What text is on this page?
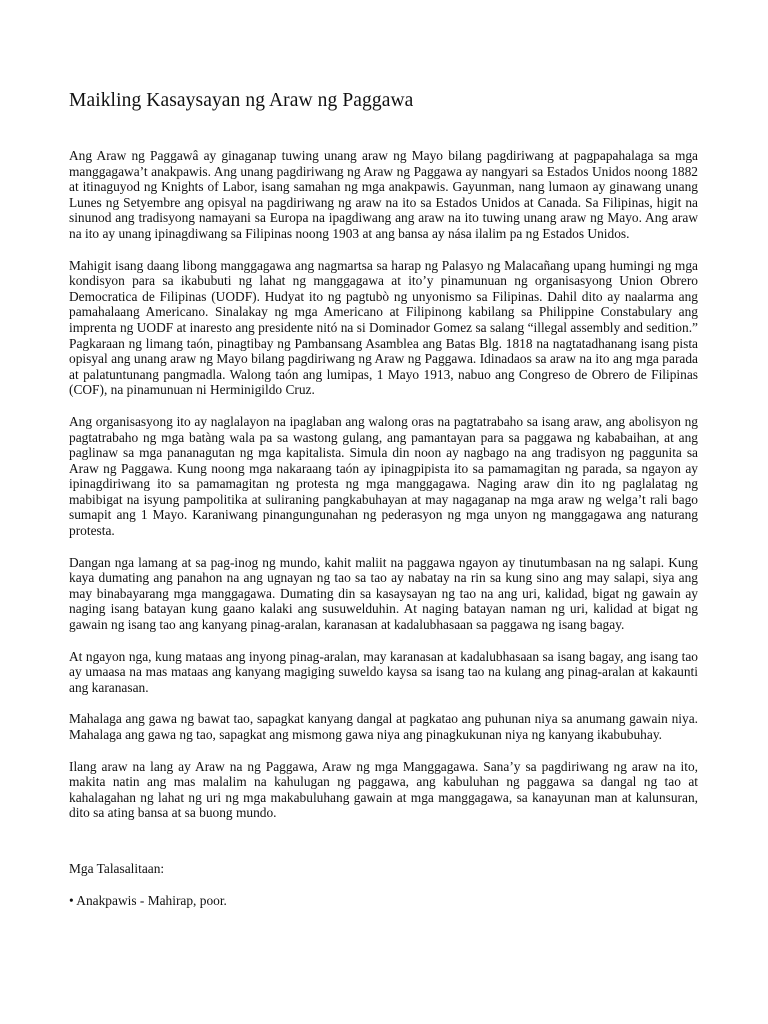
Maikling Kasaysayan ng Araw ng Paggawa

Ang Araw ng Paggawâ ay ginaganap tuwing unang araw ng Mayo bilang pagdiriwang at pagpapahalaga sa mga manggagawa’t anakpawis. Ang unang pagdiriwang ng Araw ng Paggawa ay nangyari sa Estados Unidos noong 1882 at itinaguyod ng Knights of Labor, isang samahan ng mga anakpawis. Gayunman, nang lumaon ay ginawang unang Lunes ng Setyembre ang opisyal na pagdiriwang ng araw na ito sa Estados Unidos at Canada. Sa Filipinas, higit na sinunod ang tradisyong namayani sa Europa na ipagdiwang ang araw na ito tuwing unang araw ng Mayo. Ang araw na ito ay unang ipinagdiwang sa Filipinas noong 1903 at ang bansa ay nása ilalim pa ng Estados Unidos.

Mahigit isang daang libong manggagawa ang nagmartsa sa harap ng Palasyo ng Malacañang upang humingi ng mga kondisyon para sa ikabubuti ng lahat ng manggagawa at ito’y pinamunuan ng organisasyong Union Obrero Democratica de Filipinas (UODF). Hudyat ito ng pagtubò ng unyonismo sa Filipinas. Dahil dito ay naalarma ang pamahalaang Americano. Sinalakay ng mga Americano at Filipinong kabilang sa Philippine Constabulary ang imprenta ng UODF at inaresto ang presidente nitó na si Dominador Gomez sa salang “illegal assembly and sedition.” Pagkaraan ng limang taón, pinagtibay ng Pambansang Asamblea ang Batas Blg. 1818 na nagtatadhanang isang pista opisyal ang unang araw ng Mayo bilang pagdiriwang ng Araw ng Paggawa. Idinadaos sa araw na ito ang mga parada at palatuntunang pangmadla. Walong taón ang lumipas, 1 Mayo 1913, nabuo ang Congreso de Obrero de Filipinas (COF), na pinamunuan ni Herminigildo Cruz.

Ang organisasyong ito ay naglalayon na ipaglaban ang walong oras na pagtatrabaho sa isang araw, ang abolisyon ng pagtatrabaho ng mga batàng wala pa sa wastong gulang, ang pamantayan para sa paggawa ng kababaihan, at ang paglinaw sa mga pananagutan ng mga kapitalista. Simula din noon ay nagbago na ang tradisyon ng paggunita sa Araw ng Paggawa. Kung noong mga nakaraang taón ay ipinagpipista ito sa pamamagitan ng parada, sa ngayon ay ipinagdiriwang ito sa pamamagitan ng protesta ng mga manggagawa. Naging araw din ito ng paglalatag ng mabibigat na isyung pampolitika at suliraning pangkabuhayan at may nagaganap na mga araw ng welga’t rali bago sumapit ang 1 Mayo. Karaniwang pinangungunahan ng pederasyon ng mga unyon ng manggagawa ang naturang protesta.

Dangan nga lamang at sa pag-inog ng mundo, kahit maliit na paggawa ngayon ay tinutumbasan na ng salapi. Kung kaya dumating ang panahon na ang ugnayan ng tao sa tao ay nabatay na rin sa kung sino ang may salapi, siya ang may binabayarang mga manggagawa. Dumating din sa kasaysayan ng tao na ang uri, kalidad, bigat ng gawain ay naging isang batayan kung gaano kalaki ang susuwelduhin. At naging batayan naman ng uri, kalidad at bigat ng gawain ng isang tao ang kanyang pinag-aralan, karanasan at kadalubhasaan sa paggawa ng isang bagay.

At ngayon nga, kung mataas ang inyong pinag-aralan, may karanasan at kadalubhasaan sa isang bagay, ang isang tao ay umaasa na mas mataas ang kanyang magiging suweldo kaysa sa isang tao na kulang ang pinag-aralan at kakaunti ang karanasan.

Mahalaga ang gawa ng bawat tao, sapagkat kanyang dangal at pagkatao ang puhunan niya sa anumang gawain niya. Mahalaga ang gawa ng tao, sapagkat ang mismong gawa niya ang pinagkukunan niya ng kanyang ikabubuhay.

Ilang araw na lang ay Araw na ng Paggawa, Araw ng mga Manggagawa. Sana’y sa pagdiriwang ng araw na ito, makita natin ang mas malalim na kahulugan ng paggawa, ang kabuluhan ng paggawa sa dangal ng tao at kahalagahan ng lahat ng uri ng mga makabuluhang gawain at mga manggagawa, sa kanayunan man at kalunsuran, dito sa ating bansa at sa buong mundo.

Mga Talasalitaan:

• Anakpawis - Mahirap, poor.
